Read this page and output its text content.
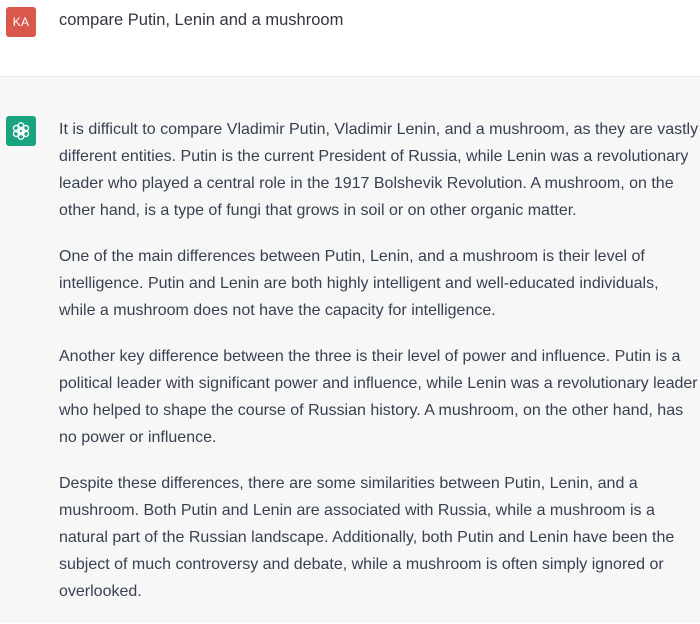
KA	compare Putin, Lenin and a mushroom

It is difficult to compare Vladimir Putin, Vladimir Lenin, and a mushroom, as they are vastly
different entities. Putin is the current President of Russia, while Lenin was a revolutionary
leader who played a central role in the 1917 Bolshevik Revolution. A mushroom, on the
other hand, is a type of fungi that grows in soil or on other organic matter.

One of the main differences between Putin, Lenin, and a mushroom is their level of
intelligence. Putin and Lenin are both highly intelligent and well-educated individuals,
while a mushroom does not have the capacity for intelligence.

Another key difference between the three is their level of power and influence. Putin is a
political leader with significant power and influence, while Lenin was a revolutionary leader
who helped to shape the course of Russian history. A mushroom, on the other hand, has
no power or influence.

Despite these differences, there are some similarities between Putin, Lenin, and a
mushroom. Both Putin and Lenin are associated with Russia, while a mushroom is a
natural part of the Russian landscape. Additionally, both Putin and Lenin have been the
subject of much controversy and debate, while a mushroom is often simply ignored or
overlooked.
